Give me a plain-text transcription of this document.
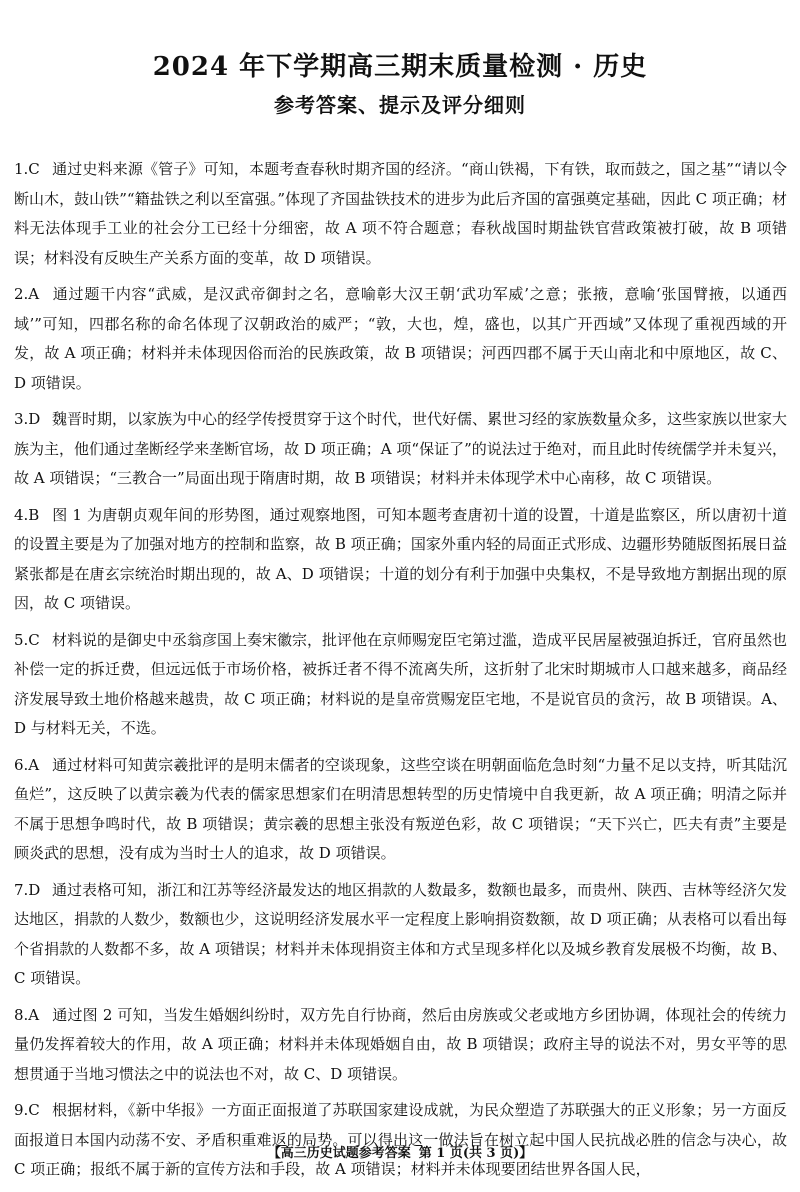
2024 年下学期高三期末质量检测 · 历史
参考答案、提示及评分细则
1.C 通过史料来源《管子》可知，本题考查春秋时期齐国的经济。“商山铁褐，下有铁，取而鼓之，国之基”“请以令断山木，鼓山铁”“籍盐铁之利以至富强。”体现了齐国盐铁技术的进步为此后齐国的富强奠定基础，因此 C 项正确；材料无法体现手工业的社会分工已经十分细密，故 A 项不符合题意；春秋战国时期盐铁官营政策被打破，故 B 项错误；材料没有反映生产关系方面的变革，故 D 项错误。
2.A 通过题干内容“武威，是汉武帝御封之名，意喻彰大汉王朝‘武功军威’之意；张掖，意喻‘张国臂掖，以通西域’”可知，四郡名称的命名体现了汉朝政治的威严；“敦，大也，煌，盛也，以其广开西域”又体现了重视西域的开发，故 A 项正确；材料并未体现因俗而治的民族政策，故 B 项错误；河西四郡不属于天山南北和中原地区，故 C、D 项错误。
3.D 魏晋时期，以家族为中心的经学传授贯穿于这个时代，世代好儒、累世习经的家族数量众多，这些家族以世家大族为主，他们通过垄断经学来垄断官场，故 D 项正确；A 项“保证了”的说法过于绝对，而且此时传统儒学并未复兴，故 A 项错误；“三教合一”局面出现于隋唐时期，故 B 项错误；材料并未体现学术中心南移，故 C 项错误。
4.B 图 1 为唐朝贞观年间的形势图，通过观察地图，可知本题考查唐初十道的设置，十道是监察区，所以唐初十道的设置主要是为了加强对地方的控制和监察，故 B 项正确；国家外重内轻的局面正式形成、边疆形势随版图拓展日益紧张都是在唐玄宗统治时期出现的，故 A、D 项错误；十道的划分有利于加强中央集权，不是导致地方割据出现的原因，故 C 项错误。
5.C 材料说的是御史中丞翁彦国上奏宋徽宗，批评他在京师赐宠臣宅第过滥，造成平民居屋被强迫拆迁，官府虽然也补偿一定的拆迁费，但远远低于市场价格，被拆迁者不得不流离失所，这折射了北宋时期城市人口越来越多，商品经济发展导致土地价格越来越贵，故 C 项正确；材料说的是皇帝赏赐宠臣宅地，不是说官员的贪污，故 B 项错误。A、D 与材料无关，不选。
6.A 通过材料可知黄宗羲批评的是明末儒者的空谈现象，这些空谈在明朝面临危急时刻“力量不足以支持，听其陆沉鱼烂”，这反映了以黄宗羲为代表的儒家思想家们在明清思想转型的历史情境中自我更新，故 A 项正确；明清之际并不属于思想争鸣时代，故 B 项错误；黄宗羲的思想主张没有叛逆色彩，故 C 项错误；“天下兴亡，匹夫有责”主要是顾炎武的思想，没有成为当时士人的追求，故 D 项错误。
7.D 通过表格可知，浙江和江苏等经济最发达的地区捐款的人数最多，数额也最多，而贵州、陕西、吉林等经济欠发达地区，捐款的人数少，数额也少，这说明经济发展水平一定程度上影响捐资数额，故 D 项正确；从表格可以看出每个省捐款的人数都不多，故 A 项错误；材料并未体现捐资主体和方式呈现多样化以及城乡教育发展极不均衡，故 B、C 项错误。
8.A 通过图 2 可知，当发生婚姻纠纷时，双方先自行协商，然后由房族或父老或地方乡团协调，体现社会的传统力量仍发挥着较大的作用，故 A 项正确；材料并未体现婚姻自由，故 B 项错误；政府主导的说法不对，男女平等的思想贯通于当地习惯法之中的说法也不对，故 C、D 项错误。
9.C 根据材料，《新中华报》一方面正面报道了苏联国家建设成就，为民众塑造了苏联强大的正义形象；另一方面反面报道日本国内动荡不安、矛盾积重难返的局势。可以得出这一做法旨在树立起中国人民抗战必胜的信念与决心，故 C 项正确；报纸不属于新的宣传方法和手段，故 A 项错误；材料并未体现要团结世界各国人民，
【高三历史试题参考答案 第 1 页(共 3 页)】
